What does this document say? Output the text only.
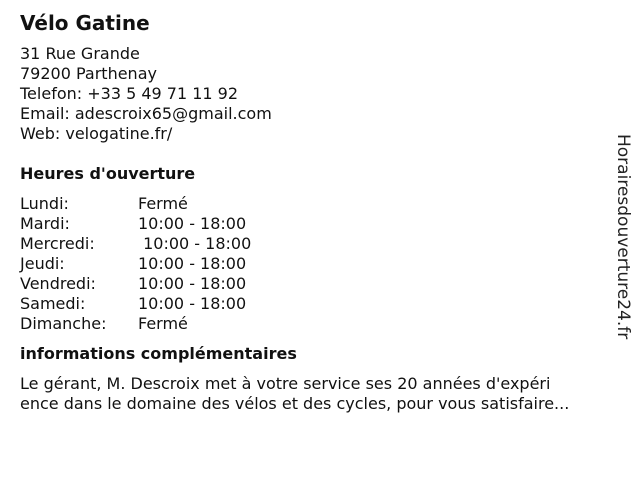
Vélo Gatine
31 Rue Grande
79200 Parthenay
Telefon: +33 5 49 71 11 92
Email: adescroix65@gmail.com
Web: velogatine.fr/
Heures d'ouverture
Lundi:	Fermé
Mardi:	10:00 - 18:00
Mercredi:	10:00 - 18:00
Jeudi:	10:00 - 18:00
Vendredi:	10:00 - 18:00
Samedi:	10:00 - 18:00
Dimanche: Fermé
informations complémentaires
Le gérant, M. Descroix met à votre service ses 20 années d'expéri
ence dans le domaine des vélos et des cycles, pour vous satisfaire...
Horairesdouverture24.fr
